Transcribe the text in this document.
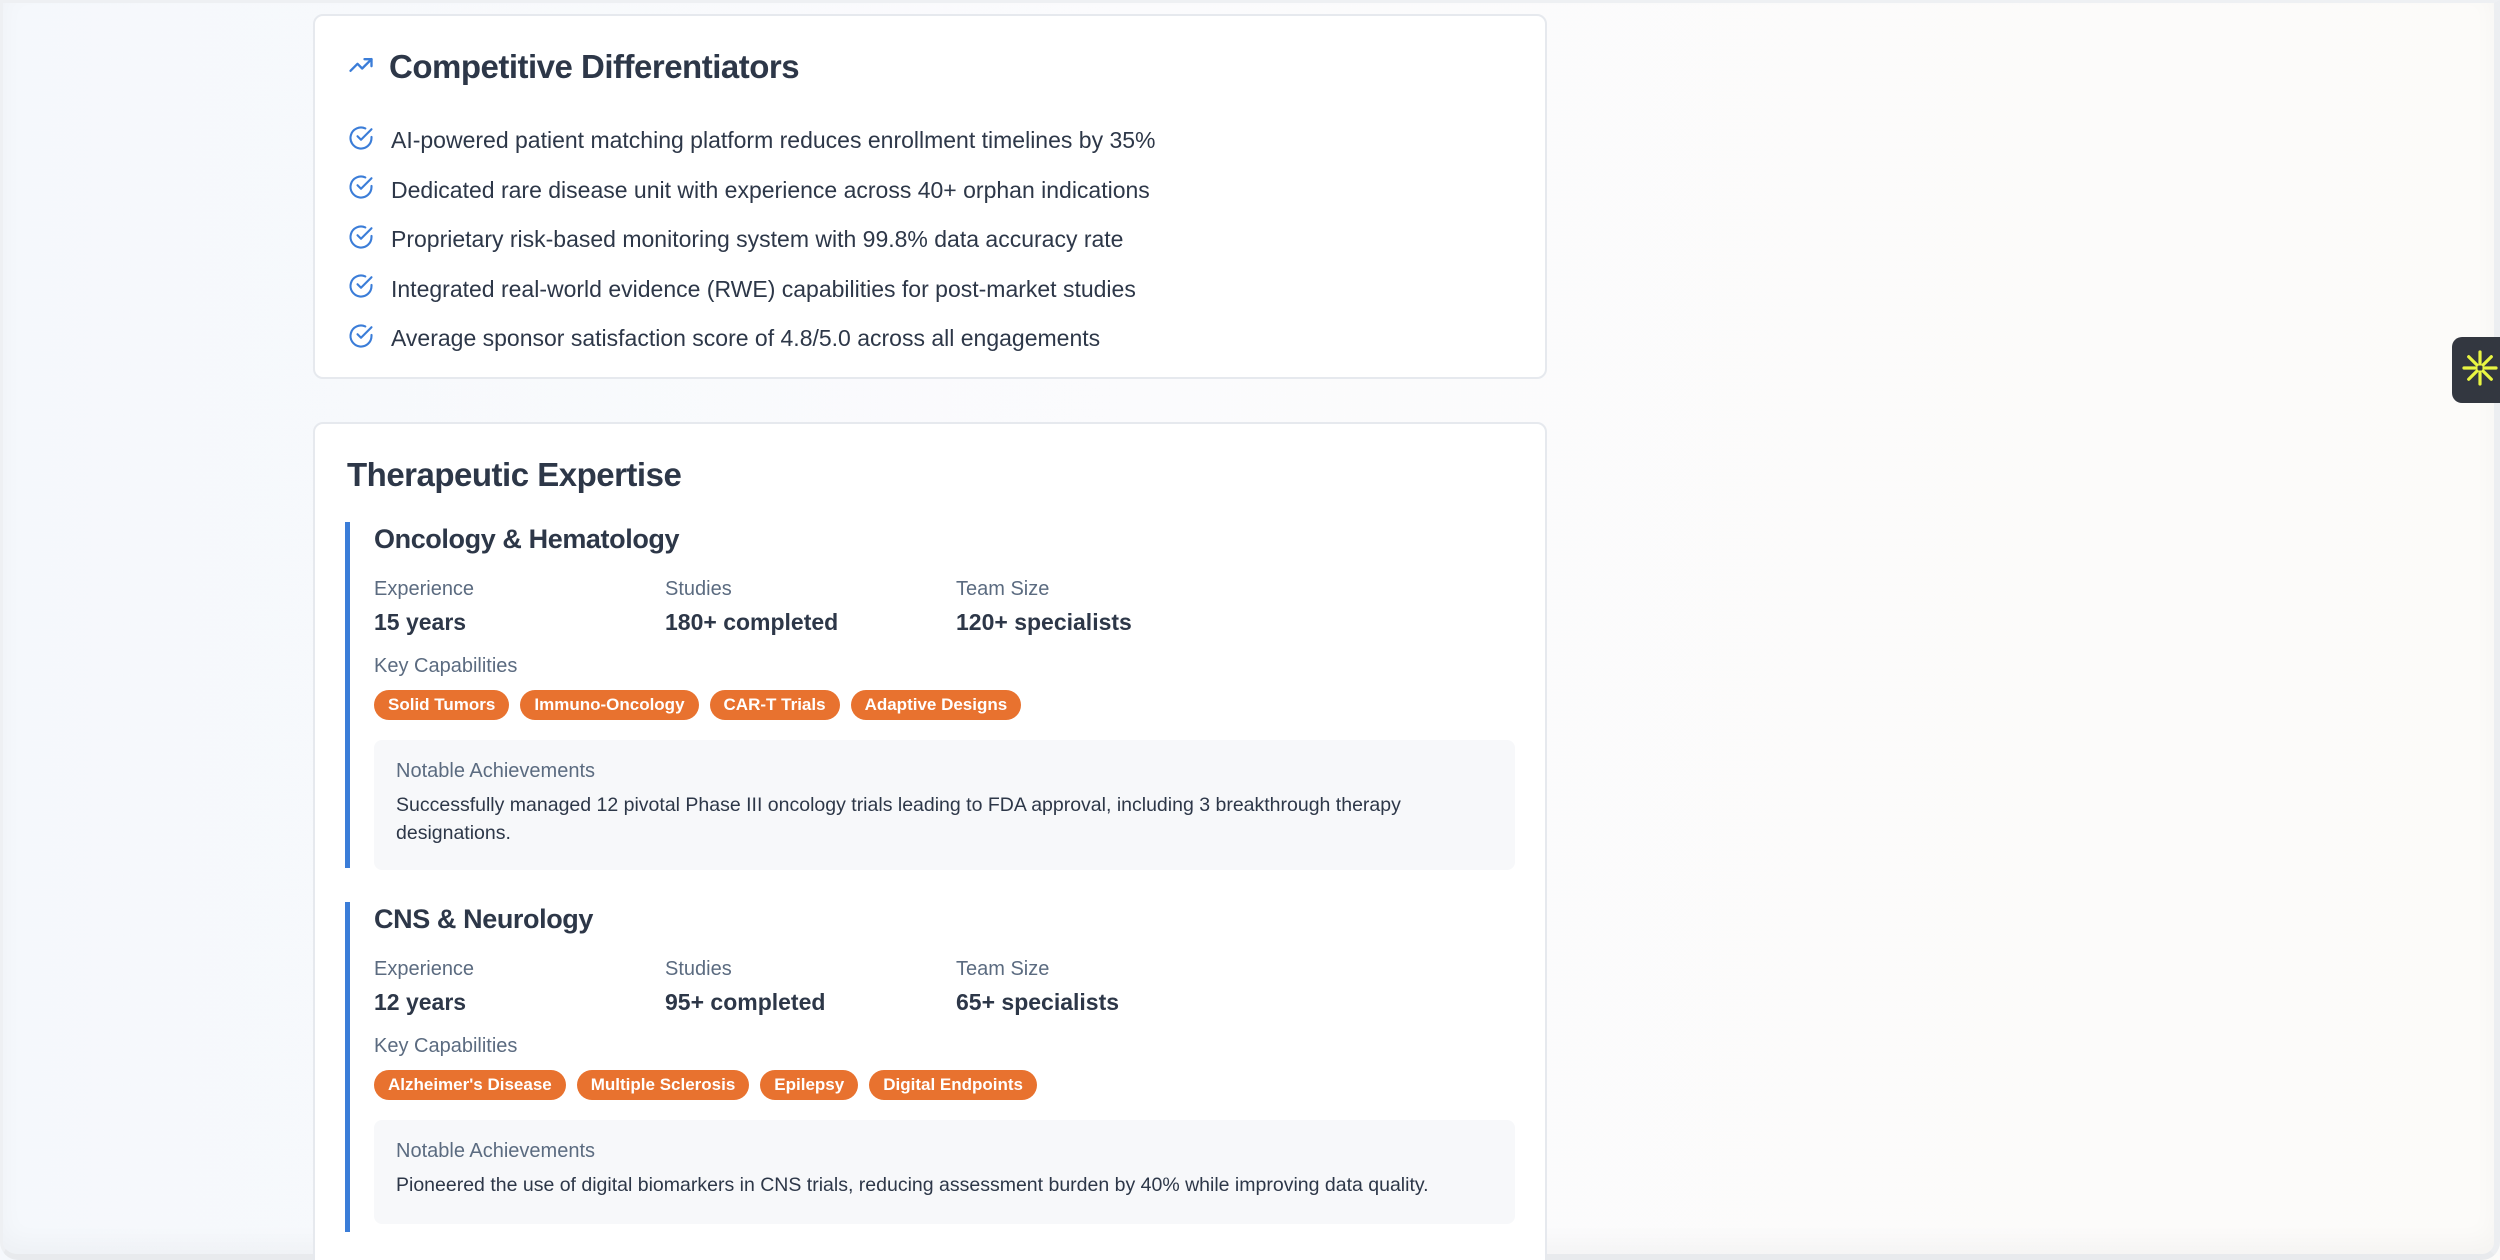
Competitive Differentiators
AI-powered patient matching platform reduces enrollment timelines by 35%
Dedicated rare disease unit with experience across 40+ orphan indications
Proprietary risk-based monitoring system with 99.8% data accuracy rate
Integrated real-world evidence (RWE) capabilities for post-market studies
Average sponsor satisfaction score of 4.8/5.0 across all engagements
Therapeutic Expertise
Oncology & Hematology
Experience
15 years
Studies
180+ completed
Team Size
120+ specialists
Key Capabilities
Solid Tumors	Immuno-Oncology	CAR-T Trials	Adaptive Designs
Notable Achievements
Successfully managed 12 pivotal Phase III oncology trials leading to FDA approval, including 3 breakthrough therapy designations.
CNS & Neurology
Experience
12 years
Studies
95+ completed
Team Size
65+ specialists
Key Capabilities
Alzheimer's Disease	Multiple Sclerosis	Epilepsy	Digital Endpoints
Notable Achievements
Pioneered the use of digital biomarkers in CNS trials, reducing assessment burden by 40% while improving data quality.
